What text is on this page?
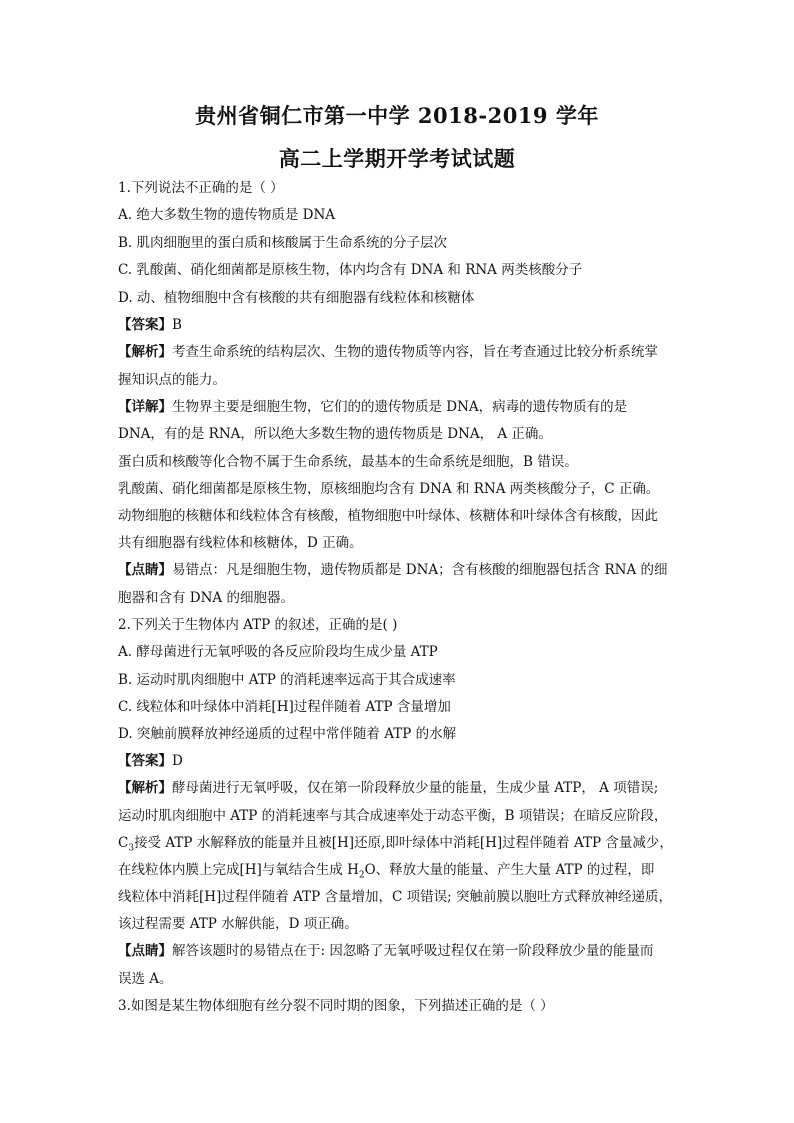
贵州省铜仁市第一中学 2018-2019 学年
高二上学期开学考试试题
1.下列说法不正确的是（ ）
A. 绝大多数生物的遗传物质是 DNA
B. 肌肉细胞里的蛋白质和核酸属于生命系统的分子层次
C. 乳酸菌、硝化细菌都是原核生物，体内均含有 DNA 和 RNA 两类核酸分子
D. 动、植物细胞中含有核酸的共有细胞器有线粒体和核糖体
【答案】B
【解析】考查生命系统的结构层次、生物的遗传物质等内容，旨在考查通过比较分析系统掌
握知识点的能力。
【详解】生物界主要是细胞生物，它们的的遗传物质是 DNA，病毒的遗传物质有的是
DNA，有的是 RNA，所以绝大多数生物的遗传物质是 DNA， A 正确。
蛋白质和核酸等化合物不属于生命系统，最基本的生命系统是细胞，B 错误。
乳酸菌、硝化细菌都是原核生物，原核细胞均含有 DNA 和 RNA 两类核酸分子，C 正确。
动物细胞的核糖体和线粒体含有核酸，植物细胞中叶绿体、核糖体和叶绿体含有核酸，因此
共有细胞器有线粒体和核糖体，D 正确。
【点睛】易错点：凡是细胞生物，遗传物质都是 DNA；含有核酸的细胞器包括含 RNA 的细
胞器和含有 DNA 的细胞器。
2.下列关于生物体内 ATP 的叙述，正确的是( )
A. 酵母菌进行无氧呼吸的各反应阶段均生成少量 ATP
B. 运动时肌肉细胞中 ATP 的消耗速率远高于其合成速率
C. 线粒体和叶绿体中消耗[H]过程伴随着 ATP 含量增加
D. 突触前膜释放神经递质的过程中常伴随着 ATP 的水解
【答案】D
【解析】酵母菌进行无氧呼吸，仅在第一阶段释放少量的能量，生成少量 ATP， A 项错误;
运动时肌肉细胞中 ATP 的消耗速率与其合成速率处于动态平衡，B 项错误；在暗反应阶段，
$C_3$接受 ATP 水解释放的能量并且被[H]还原,即叶绿体中消耗[H]过程伴随着 ATP 含量减少，
在线粒体内膜上完成[H]与氧结合生成 $H_2O$、释放大量的能量、产生大量 ATP 的过程，即
线粒体中消耗[H]过程伴随着 ATP 含量增加，C 项错误; 突触前膜以胞吐方式释放神经递质，
该过程需要 ATP 水解供能，D 项正确。
【点睛】解答该题时的易错点在于: 因忽略了无氧呼吸过程仅在第一阶段释放少量的能量而
误选 A。
3.如图是某生物体细胞有丝分裂不同时期的图象，下列描述正确的是（ ）
